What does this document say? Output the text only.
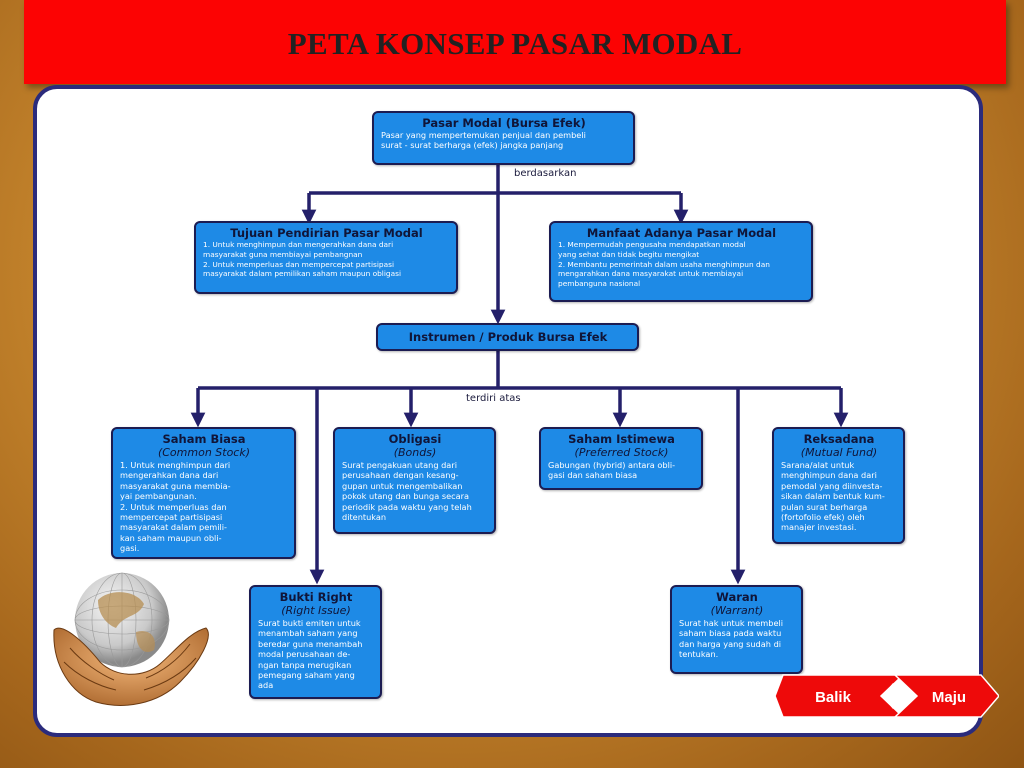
PETA KONSEP PASAR MODAL
Pasar Modal (Bursa Efek)
Pasar yang mempertemukan penjual dan pembeli
surat - surat berharga (efek) jangka panjang
berdasarkan
Tujuan Pendirian Pasar Modal
1. Untuk menghimpun dan mengerahkan dana dari
masyarakat guna membiayai pembangnan
2. Untuk memperluas dan mempercepat partisipasi
masyarakat dalam pemilikan saham maupun obligasi
Manfaat Adanya Pasar Modal
1. Mempermudah pengusaha mendapatkan modal
yang sehat dan tidak begitu mengikat
2. Membantu pemerintah dalam usaha menghimpun dan
mengarahkan dana masyarakat untuk membiayai
pembanguna nasional
Instrumen / Produk Bursa Efek
terdiri atas
Saham Biasa
(Common Stock)
1. Untuk menghimpun dari
mengerahkan dana dari
masyarakat guna membia-
yai pembangunan.
2. Untuk memperluas dan
mempercepat partisipasi
masyarakat dalam pemili-
kan saham maupun obli-
gasi.
Obligasi
(Bonds)
Surat pengakuan utang dari
perusahaan dengan kesang-
gupan untuk mengembalikan
pokok utang dan bunga secara
periodik pada waktu yang telah
ditentukan
Saham Istimewa
(Preferred Stock)
Gabungan (hybrid) antara obli-
gasi dan saham biasa
Reksadana
(Mutual Fund)
Sarana/alat untuk
menghimpun dana dari
pemodal yang diinvesta-
sikan dalam bentuk kum-
pulan surat berharga
(fortofolio efek) oleh
manajer investasi.
Bukti Right
(Right Issue)
Surat bukti emiten untuk
menambah saham yang
beredar guna menambah
modal perusahaan de-
ngan tanpa merugikan
pemegang saham yang
ada
Waran
(Warrant)
Surat hak untuk membeli
saham biasa pada waktu
dan harga yang sudah di
tentukan.
Balik	Maju
